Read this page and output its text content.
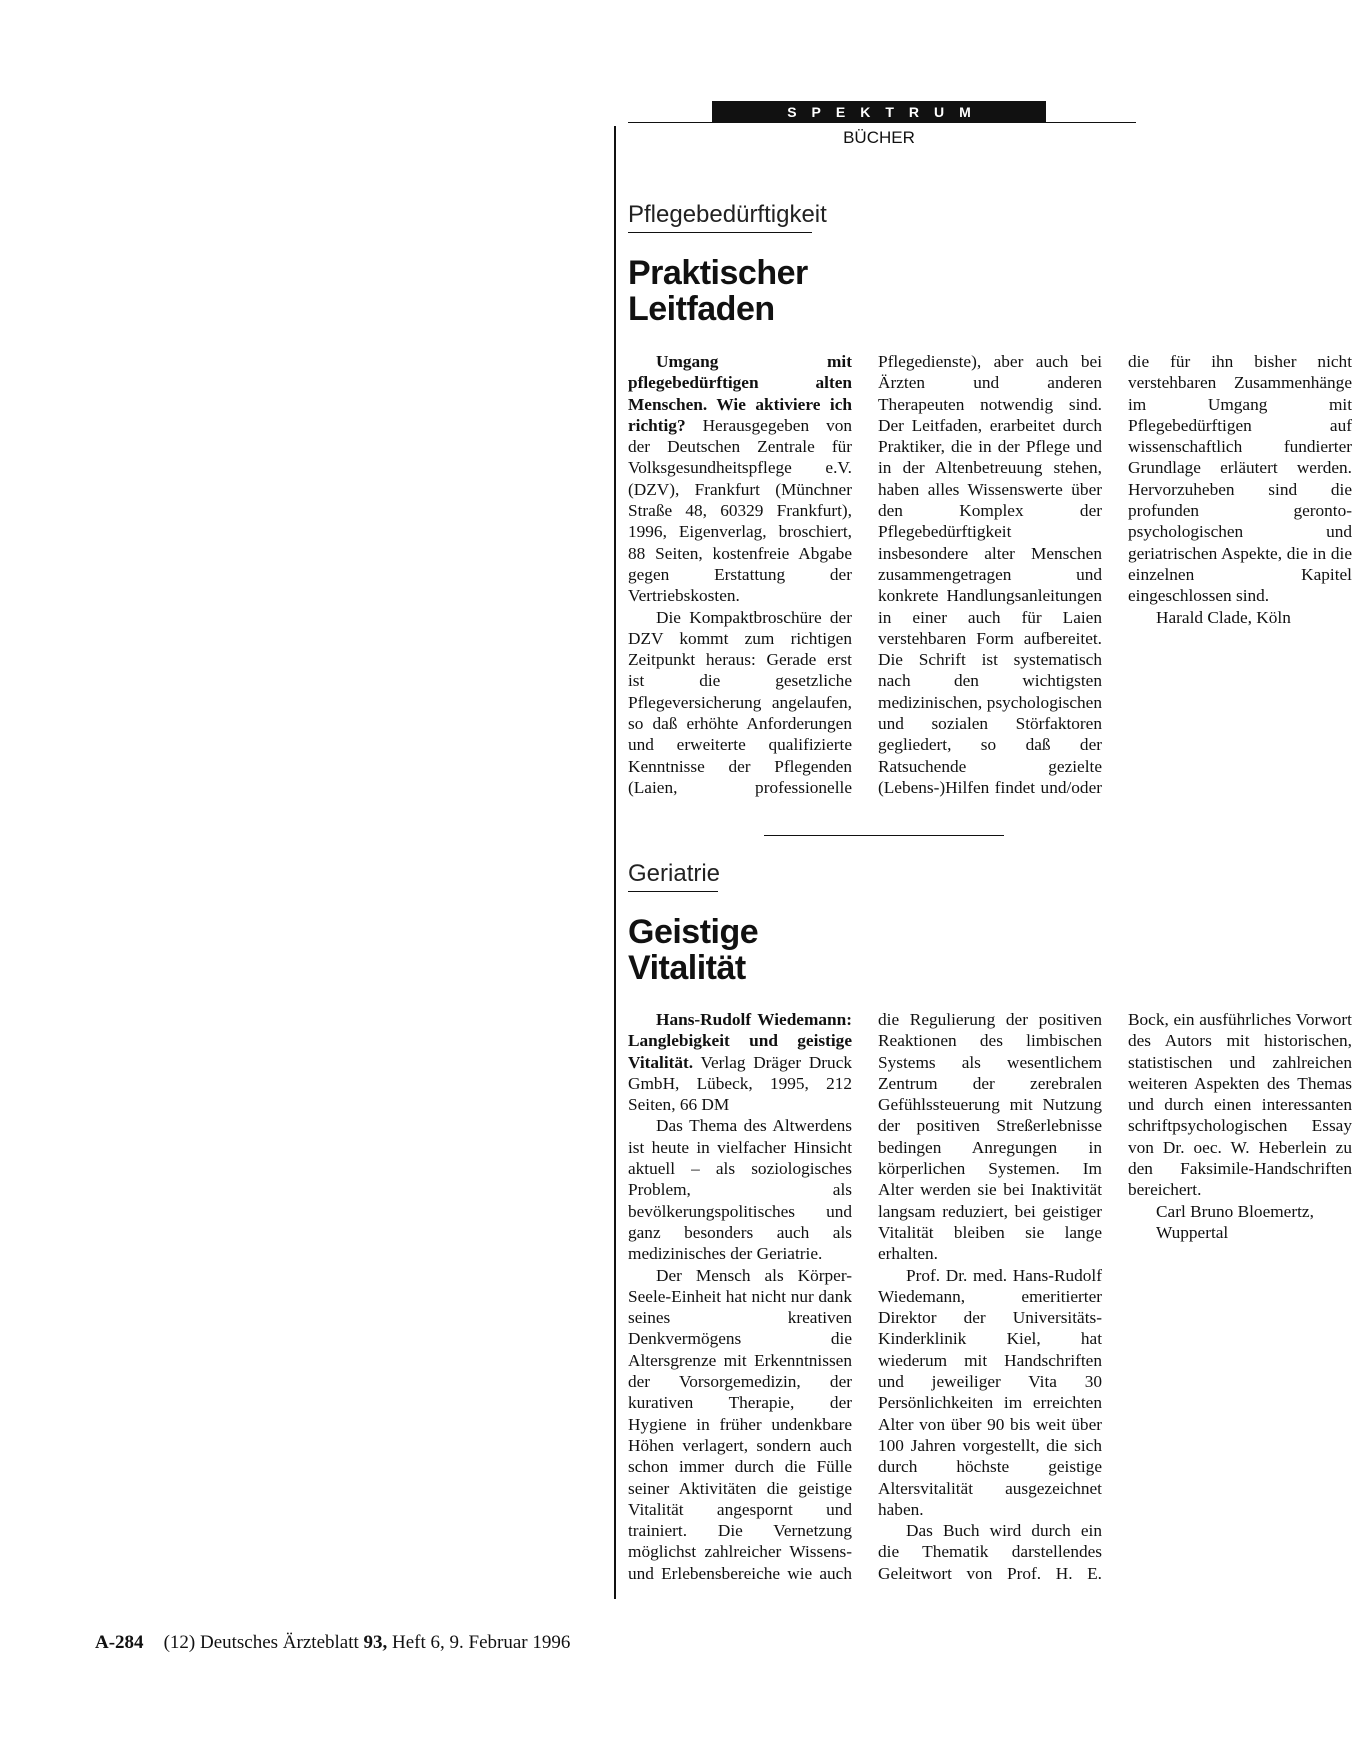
SPEKTRUM
BÜCHER
Pflegebedürftigkeit
Praktischer
Leitfaden

Umgang mit pflegebedürftigen alten Menschen. Wie aktiviere ich richtig? Herausgegeben von der Deutschen Zentrale für Volksgesundheitspflege e.V. (DZV), Frankfurt (Münchner Straße 48, 60329 Frankfurt), 1996, Eigenverlag, broschiert, 88 Seiten, kostenfreie Abgabe gegen Erstattung der Vertriebskosten.

Die Kompaktbroschüre der DZV kommt zum richtigen Zeitpunkt heraus: Gerade erst ist die gesetzliche Pflegeversicherung angelaufen, so daß erhöhte Anforderungen und erweiterte qualifizierte Kenntnisse der Pflegenden (Laien, professionelle Pflegedienste), aber auch bei Ärzten und anderen Therapeuten notwendig sind. Der Leitfaden, erarbeitet durch Praktiker, die in der Pflege und in der Altenbetreuung stehen, haben alles Wissenswerte über den Komplex der Pflegebedürftigkeit insbesondere alter Menschen zusammengetragen und konkrete Handlungsanleitungen in einer auch für Laien verstehbaren Form aufbereitet. Die Schrift ist systematisch nach den wichtigsten medizinischen, psychologischen und sozialen Störfaktoren gegliedert, so daß der Ratsuchende gezielte (Lebens-)Hilfen findet und/oder die für ihn bisher nicht verstehbaren Zusammenhänge im Umgang mit Pflegebedürftigen auf wissenschaftlich fundierter Grundlage erläutert werden. Hervorzuheben sind die profunden geronto-psychologischen und geriatrischen Aspekte, die in die einzelnen Kapitel eingeschlossen sind.

Harald Clade, Köln

Geriatrie
Geistige
Vitalität

Hans-Rudolf Wiedemann: Langlebigkeit und geistige Vitalität. Verlag Dräger Druck GmbH, Lübeck, 1995, 212 Seiten, 66 DM

Das Thema des Altwerdens ist heute in vielfacher Hinsicht aktuell – als soziologisches Problem, als bevölkerungspolitisches und ganz besonders auch als medizinisches der Geriatrie.

Der Mensch als Körper-Seele-Einheit hat nicht nur dank seines kreativen Denkvermögens die Altersgrenze mit Erkenntnissen der Vorsorgemedizin, der kurativen Therapie, der Hygiene in früher undenkbare Höhen verlagert, sondern auch schon immer durch die Fülle seiner Aktivitäten die geistige Vitalität angespornt und trainiert. Die Vernetzung möglichst zahlreicher Wissens- und Erlebensbereiche wie auch die Regulierung der positiven Reaktionen des limbischen Systems als wesentlichem Zentrum der zerebralen Gefühlssteuerung mit Nutzung der positiven Streßerlebnisse bedingen Anregungen in körperlichen Systemen. Im Alter werden sie bei Inaktivität langsam reduziert, bei geistiger Vitalität bleiben sie lange erhalten.

Prof. Dr. med. Hans-Rudolf Wiedemann, emeritierter Direktor der Universitäts-Kinderklinik Kiel, hat wiederum mit Handschriften und jeweiliger Vita 30 Persönlichkeiten im erreichten Alter von über 90 bis weit über 100 Jahren vorgestellt, die sich durch höchste geistige Altersvitalität ausgezeichnet haben.

Das Buch wird durch ein die Thematik darstellendes Geleitwort von Prof. H. E. Bock, ein ausführliches Vorwort des Autors mit historischen, statistischen und zahlreichen weiteren Aspekten des Themas und durch einen interessanten schriftpsychologischen Essay von Dr. oec. W. Heberlein zu den Faksimile-Handschriften bereichert.

Carl Bruno Bloemertz,

Wuppertal

A-284 (12) Deutsches Ärzteblatt 93, Heft 6, 9. Februar 1996
